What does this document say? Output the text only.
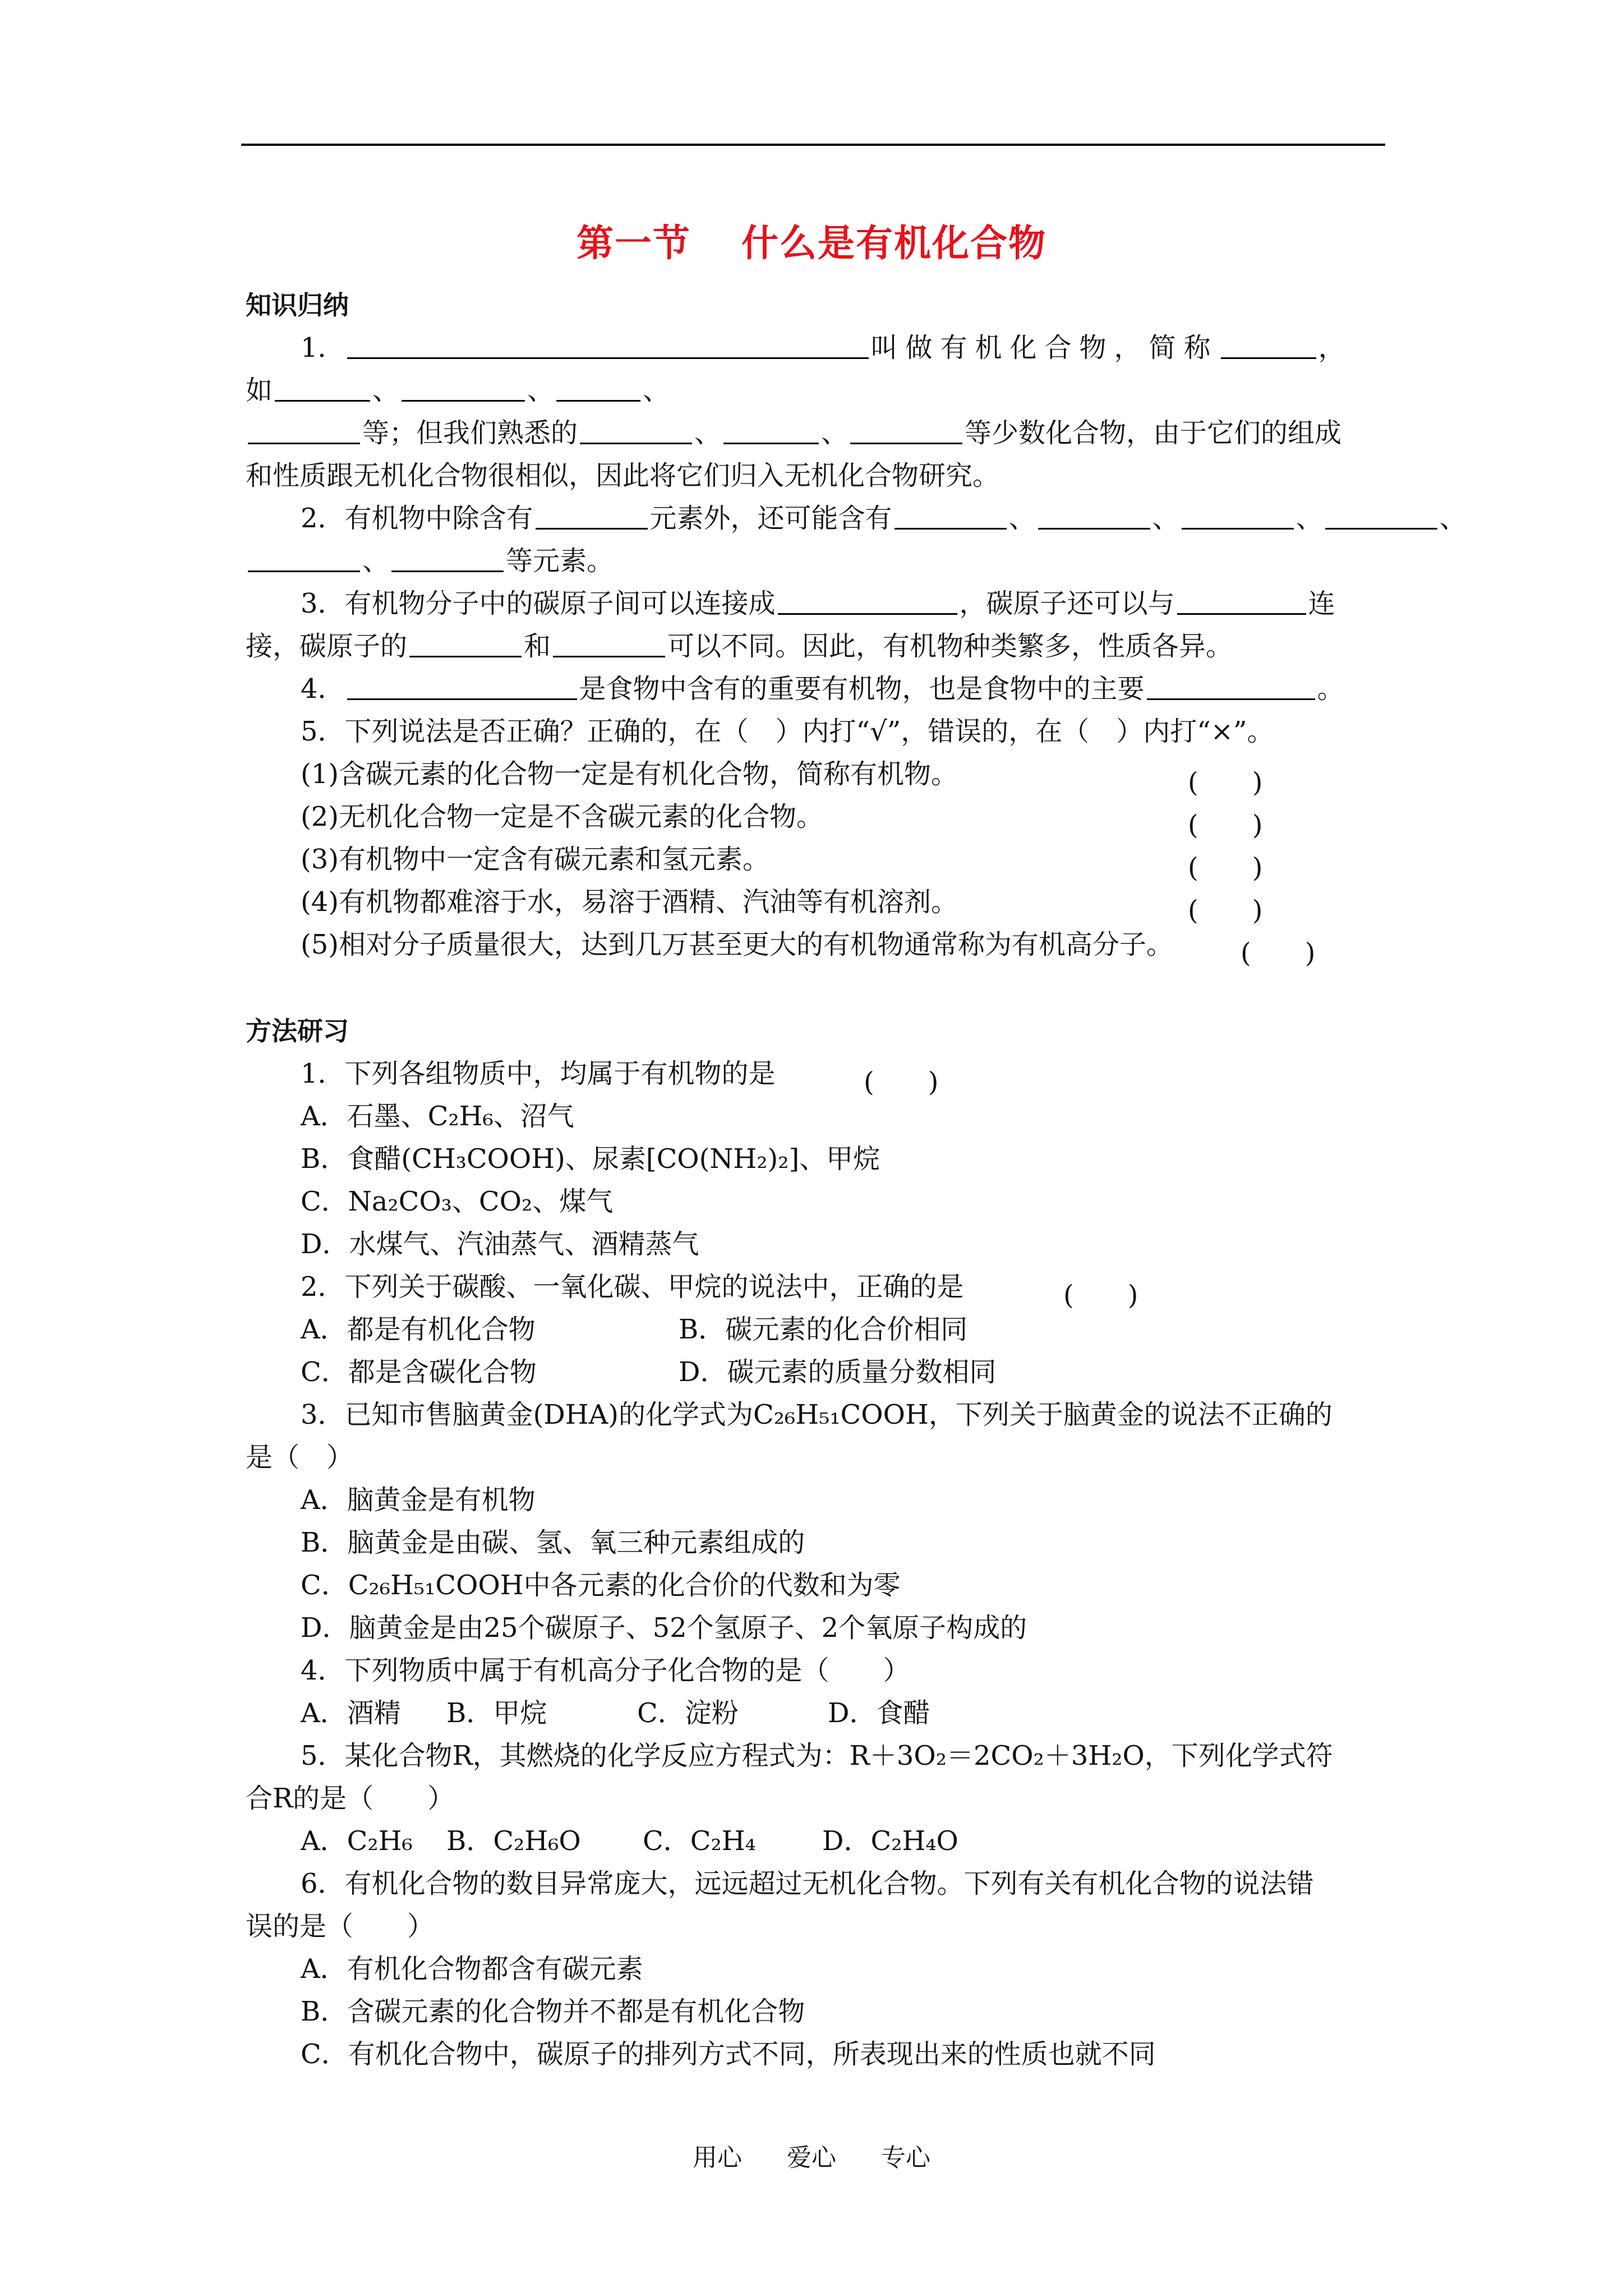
第一节 什么是有机化合物
知识归纳
1．	叫做有机化合物，简称	，
如	、	、	、
等；但我们熟悉的	、	、	等少数化合物，由于它们的组成
和性质跟无机化合物很相似，因此将它们归入无机化合物研究。
2．有机物中除含有	元素外，还可能含有	、	、	、	、
、	等元素。
3．有机物分子中的碳原子间可以连接成	，碳原子还可以与	连
接，碳原子的	和	可以不同。因此，有机物种类繁多，性质各异。
4．	是食物中含有的重要有机物，也是食物中的主要	。
5．下列说法是否正确？正确的，在（　）内打“√”，错误的，在（　）内打“×”。
(1)含碳元素的化合物一定是有机化合物，简称有机物。	(　　)
(2)无机化合物一定是不含碳元素的化合物。	(　　)
(3)有机物中一定含有碳元素和氢元素。	(　　)
(4)有机物都难溶于水，易溶于酒精、汽油等有机溶剂。	(　　)
(5)相对分子质量很大，达到几万甚至更大的有机物通常称为有机高分子。	(　　)
方法研习
1．下列各组物质中，均属于有机物的是	(　　)
A．石墨、C₂H₆、沼气
B．食醋(CH₃COOH)、尿素[CO(NH₂)₂]、甲烷
C．Na₂CO₃、CO₂、煤气
D．水煤气、汽油蒸气、酒精蒸气
2．下列关于碳酸、一氧化碳、甲烷的说法中，正确的是	(　　)
A．都是有机化合物	B．碳元素的化合价相同
C．都是含碳化合物	D．碳元素的质量分数相同
3．已知市售脑黄金(DHA)的化学式为C₂₆H₅₁COOH，下列关于脑黄金的说法不正确的
是（　）
A．脑黄金是有机物
B．脑黄金是由碳、氢、氧三种元素组成的
C．C₂₆H₅₁COOH中各元素的化合价的代数和为零
D．脑黄金是由25个碳原子、52个氢原子、2个氧原子构成的
4．下列物质中属于有机高分子化合物的是（　　）
A．酒精 B．甲烷	C．淀粉	D．食醋
5．某化合物R，其燃烧的化学反应方程式为：R＋3O₂＝2CO₂＋3H₂O，下列化学式符
合R的是（　　）
A．C₂H₆ B．C₂H₆O C．C₂H₄ D．C₂H₄O
6．有机化合物的数目异常庞大，远远超过无机化合物。下列有关有机化合物的说法错
误的是（　　）
A．有机化合物都含有碳元素
B．含碳元素的化合物并不都是有机化合物
C．有机化合物中，碳原子的排列方式不同，所表现出来的性质也就不同
用心 爱心 专心
